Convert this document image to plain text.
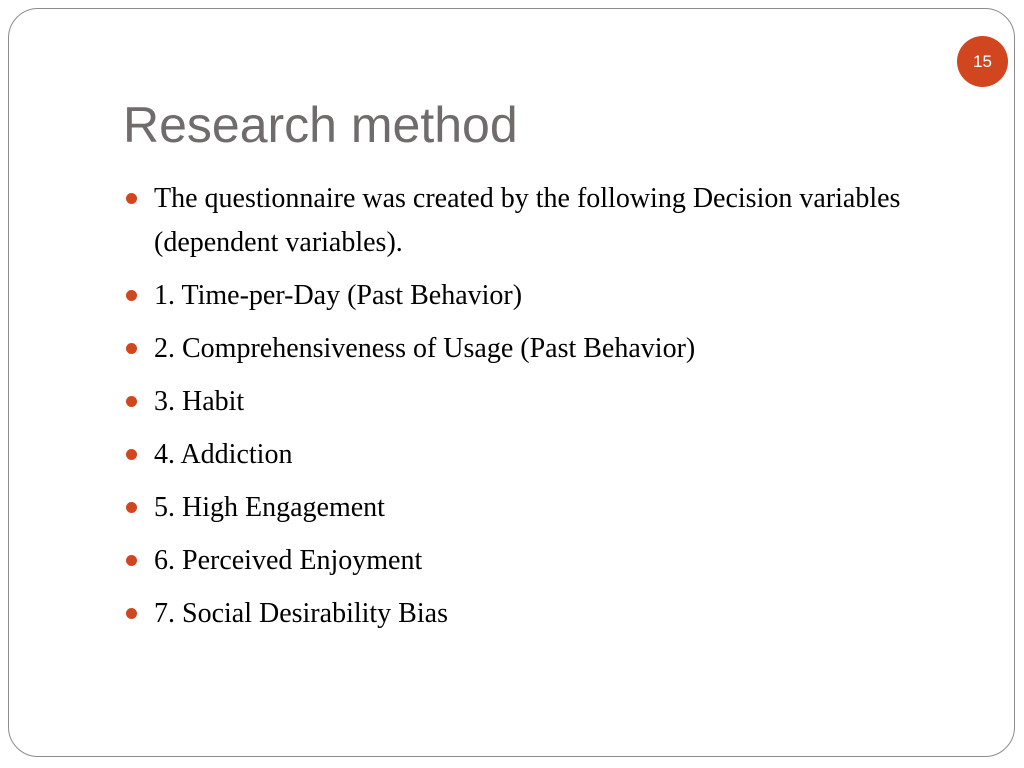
15
Research method
The questionnaire was created by the following Decision variables (dependent variables).
1. Time-per-Day (Past Behavior)
2. Comprehensiveness of Usage (Past Behavior)
3. Habit
4. Addiction
5. High Engagement
6. Perceived Enjoyment
7. Social Desirability Bias
